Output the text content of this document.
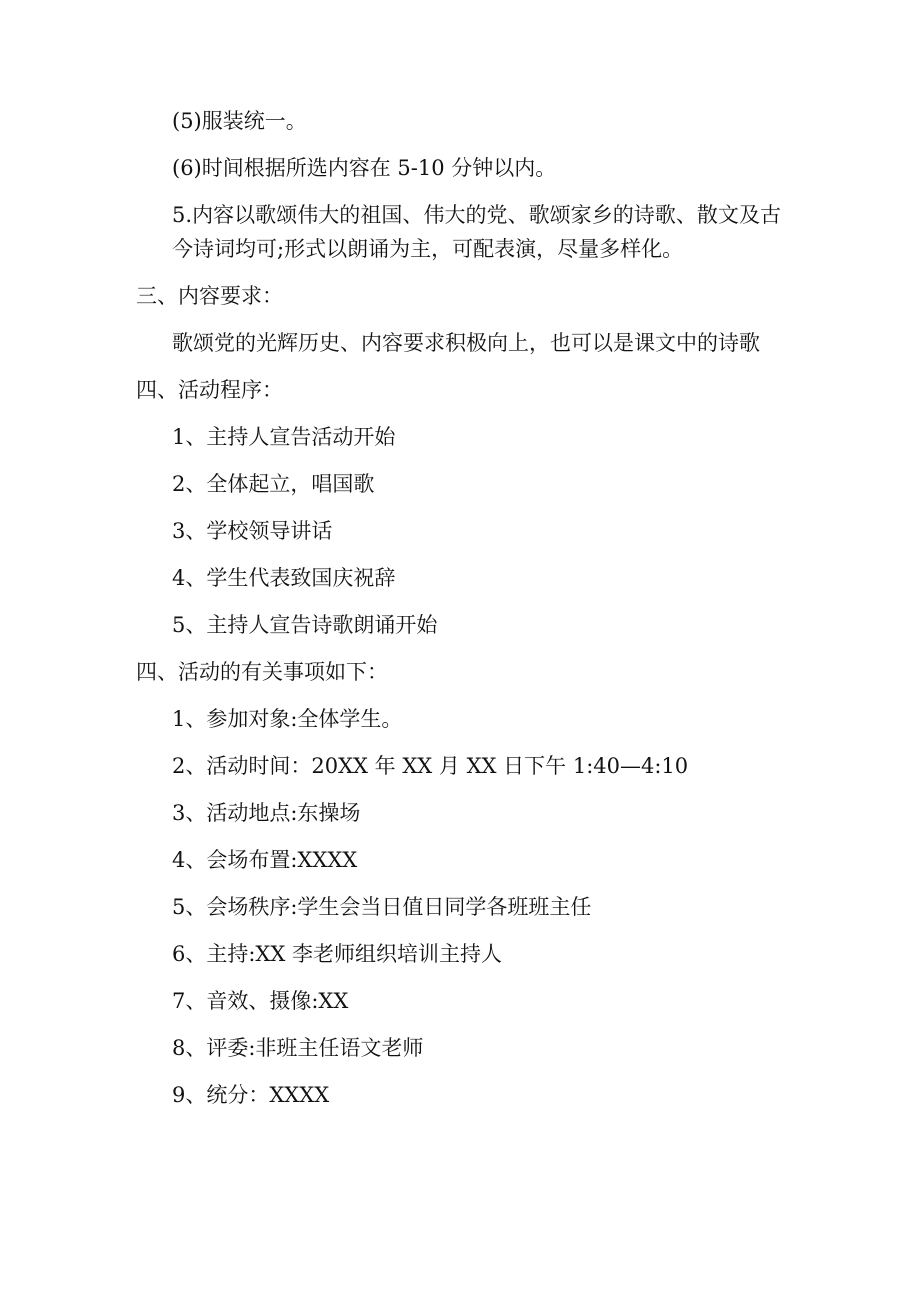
(5)服装统一。

(6)时间根据所选内容在 5-10 分钟以内。

5.内容以歌颂伟大的祖国、伟大的党、歌颂家乡的诗歌、散文及古今诗词均可;形式以朗诵为主，可配表演，尽量多样化。

三、内容要求：

歌颂党的光辉历史、内容要求积极向上，也可以是课文中的诗歌

四、活动程序：

1、主持人宣告活动开始

2、全体起立，唱国歌

3、学校领导讲话

4、学生代表致国庆祝辞

5、主持人宣告诗歌朗诵开始

四、活动的有关事项如下：

1、参加对象:全体学生。

2、活动时间：20XX 年 XX 月 XX 日下午 1:40—4:10

3、活动地点:东操场

4、会场布置:XXXX

5、会场秩序:学生会当日值日同学各班班主任

6、主持:XX 李老师组织培训主持人

7、音效、摄像:XX

8、评委:非班主任语文老师

9、统分：XXXX
